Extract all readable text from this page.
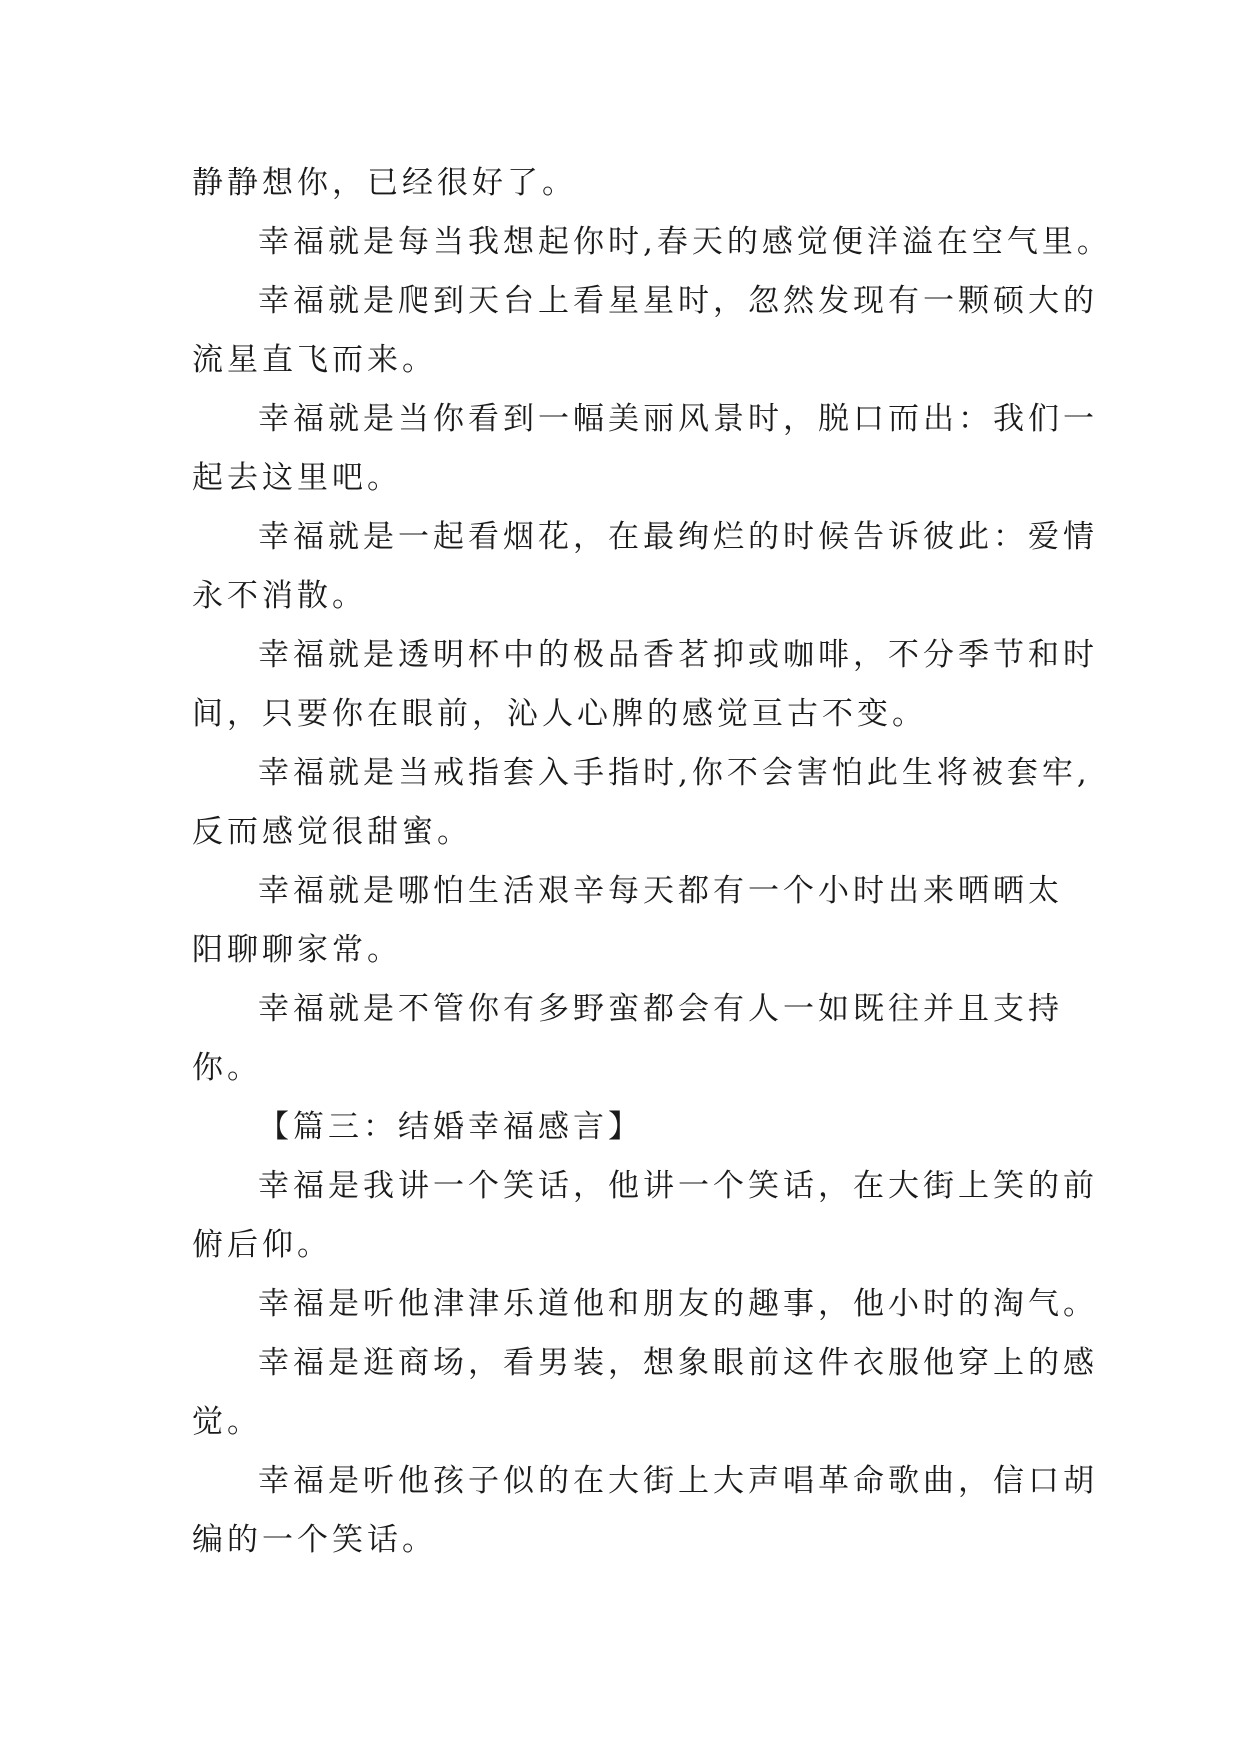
静静想你，已经很好了。
幸福就是每当我想起你时,春天的感觉便洋溢在空气里。
幸福就是爬到天台上看星星时，忽然发现有一颗硕大的
流星直飞而来。
幸福就是当你看到一幅美丽风景时，脱口而出：我们一
起去这里吧。
幸福就是一起看烟花，在最绚烂的时候告诉彼此：爱情
永不消散。
幸福就是透明杯中的极品香茗抑或咖啡，不分季节和时
间，只要你在眼前，沁人心脾的感觉亘古不变。
幸福就是当戒指套入手指时,你不会害怕此生将被套牢,
反而感觉很甜蜜。
幸福就是哪怕生活艰辛每天都有一个小时出来晒晒太
阳聊聊家常。
幸福就是不管你有多野蛮都会有人一如既往并且支持
你。
【篇三：结婚幸福感言】
幸福是我讲一个笑话，他讲一个笑话，在大街上笑的前
俯后仰。
幸福是听他津津乐道他和朋友的趣事，他小时的淘气。
幸福是逛商场，看男装，想象眼前这件衣服他穿上的感
觉。
幸福是听他孩子似的在大街上大声唱革命歌曲，信口胡
编的一个笑话。
